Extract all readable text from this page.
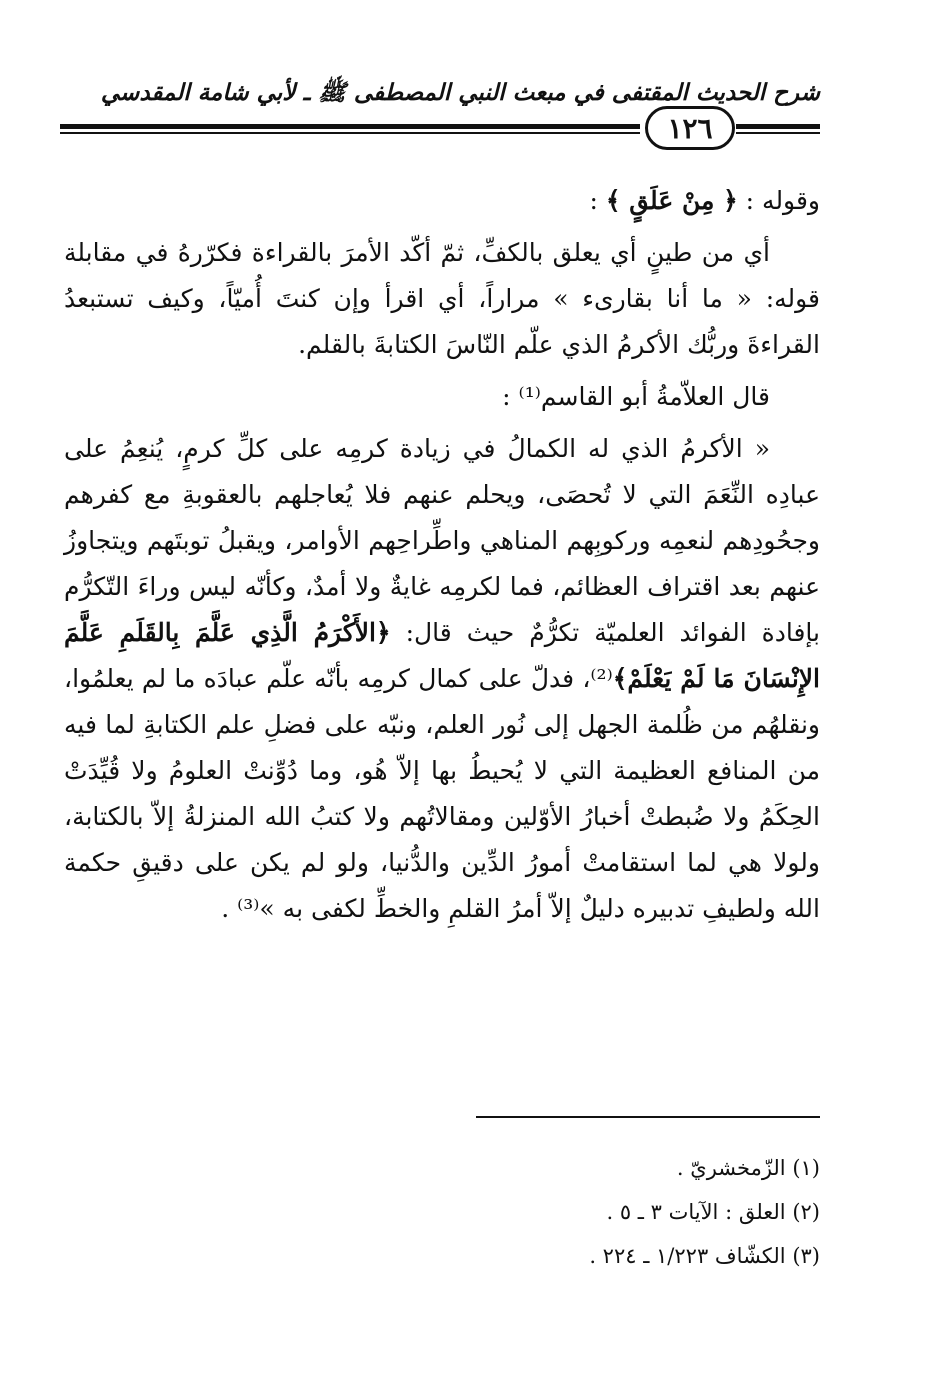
شرح الحديث المقتفى في مبعث النبي المصطفى ﷺ ـ لأبي شامة المقدسي
١٢٦

وقوله : ﴿ مِنْ عَلَقٍ ﴾ :

أي من طينٍ أي يعلق بالكفِّ، ثمّ أكّد الأمرَ بالقراءة فكرّرهُ في مقابلة قوله: « ما أنا بقارىء » مراراً، أي اقرأ وإن كنتَ أُميّاً، وكيف تستبعدُ القراءةَ وربُّك الأكرمُ الذي علّم النّاسَ الكتابةَ بالقلم.

قال العلاّمةُ أبو القاسم⁽¹⁾ :

« الأكرمُ الذي له الكمالُ في زيادة كرمِه على كلِّ كرمٍ، يُنعِمُ على عبادِه النِّعَمَ التي لا تُحصَى، ويحلم عنهم فلا يُعاجلهم بالعقوبةِ مع كفرهم وجحُودِهم لنعمِه وركوبِهم المناهي واطِّراحِهم الأوامر، ويقبلُ توبتَهم ويتجاوزُ عنهم بعد اقتراف العظائم، فما لكرمِه غايةٌ ولا أمدٌ، وكأنّه ليس وراءَ التّكرُّم بإفادة الفوائد العلميّة تكرُّمٌ حيث قال: ﴿الأَكْرَمُ الَّذِي عَلَّمَ بِالقَلَمِ عَلَّمَ الإِنْسَانَ مَا لَمْ يَعْلَمْ﴾⁽²⁾، فدلّ على كمال كرمِه بأنّه علّم عبادَه ما لم يعلمُوا، ونقلهُم من ظُلمة الجهل إلى نُور العلم، ونبّه على فضلِ علم الكتابةِ لما فيه من المنافع العظيمة التي لا يُحيطُ بها إلاّ هُو، وما دُوِّنتْ العلومُ ولا قُيِّدَتْ الحِكَمُ ولا ضُبطتْ أخبارُ الأوّلين ومقالاتُهم ولا كتبُ الله المنزلةُ إلاّ بالكتابة، ولولا هي لما استقامتْ أمورُ الدِّين والدُّنيا، ولو لم يكن على دقيقِ حكمة الله ولطيفِ تدبيره دليلٌ إلاّ أمرُ القلمِ والخطِّ لكفى به »⁽³⁾ .

(١) الزّمخشريّ .

(٢) العلق : الآيات ٣ ـ ٥ .

(٣) الكشّاف ١/٢٢٣ ـ ٢٢٤ .
